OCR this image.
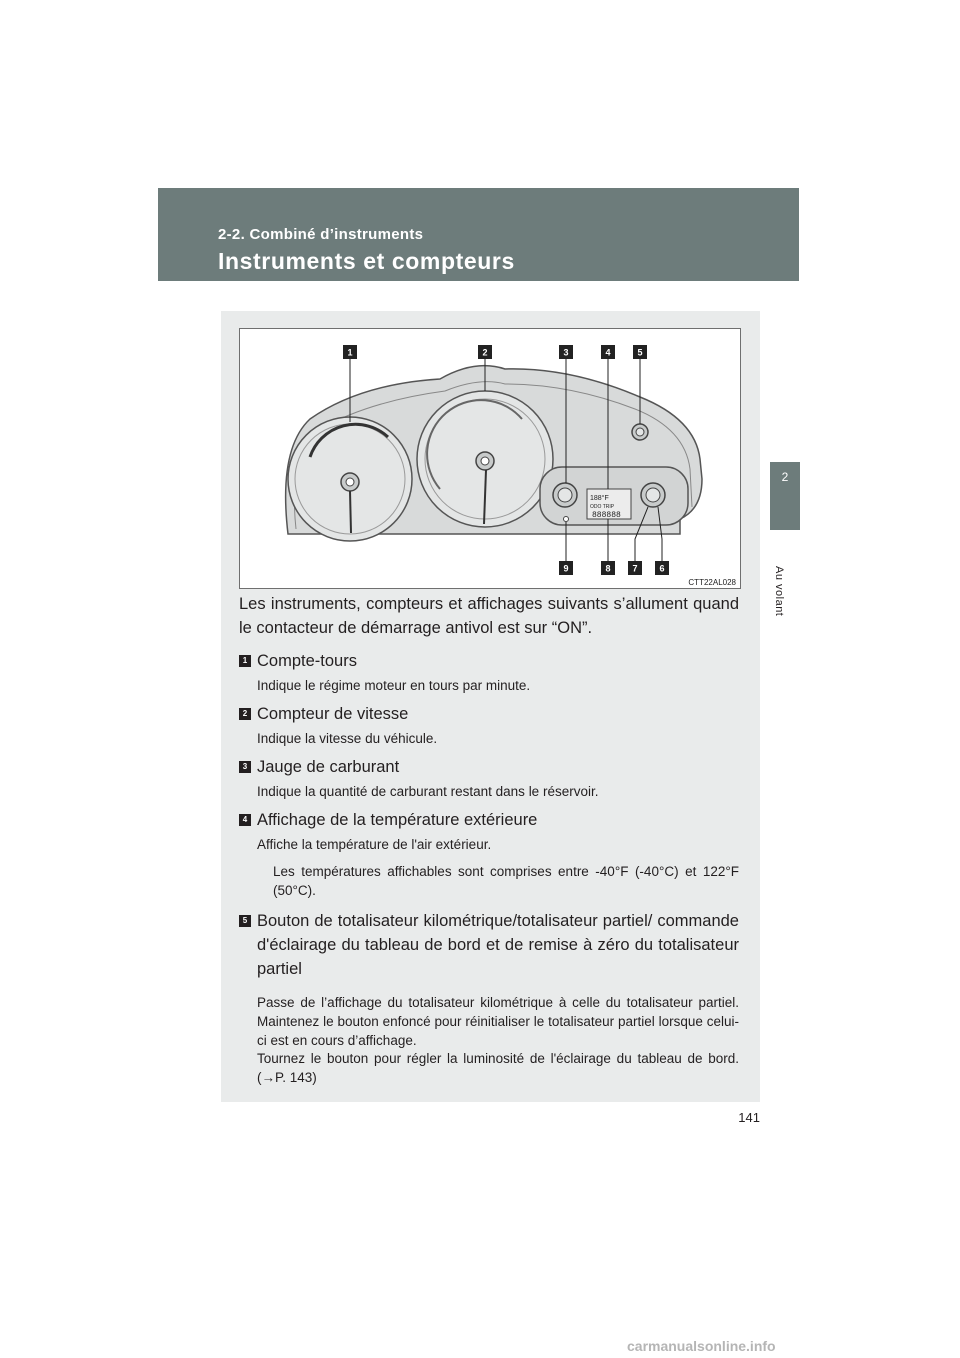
2-2. Combiné d’instruments
Instruments et compteurs
2
Au volant
188°F
ODO TRIP
888888
1	2	3	4	5
6
7
8
9
CTT22AL028
Les instruments, compteurs et affichages suivants s’allument quand le contacteur de démarrage antivol est sur “ON”.
1 Compte-tours
Indique le régime moteur en tours par minute.
2 Compteur de vitesse
Indique la vitesse du véhicule.
3 Jauge de carburant
Indique la quantité de carburant restant dans le réservoir.
4 Affichage de la température extérieure
Affiche la température de l'air extérieur.
Les températures affichables sont comprises entre -40°F (-40°C) et 122°F (50°C).
5 Bouton de totalisateur kilométrique/totalisateur partiel/ commande d'éclairage du tableau de bord et de remise à zéro du totalisateur partiel
Passe de l’affichage du totalisateur kilométrique à celle du totalisateur partiel. Maintenez le bouton enfoncé pour réinitialiser le totalisateur partiel lorsque celui-ci est en cours d’affichage.
Tournez le bouton pour régler la luminosité de l'éclairage du tableau de bord. (→P. 143)
141
carmanualsonline.info
